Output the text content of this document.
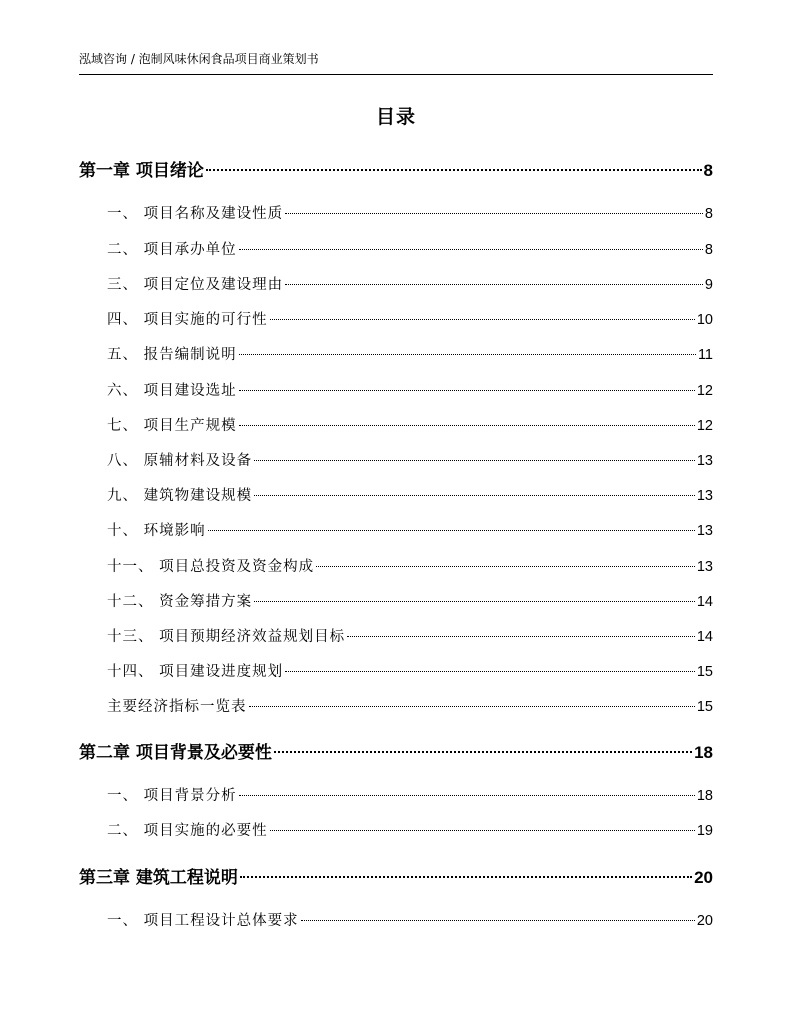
泓域咨询 / 泡制风味休闲食品项目商业策划书
目录
第一章 项目绪论	8
一、 项目名称及建设性质	8
二、 项目承办单位	8
三、 项目定位及建设理由	9
四、 项目实施的可行性	10
五、 报告编制说明	11
六、 项目建设选址	12
七、 项目生产规模	12
八、 原辅材料及设备	13
九、 建筑物建设规模	13
十、 环境影响	13
十一、 项目总投资及资金构成	13
十二、 资金筹措方案	14
十三、 项目预期经济效益规划目标	14
十四、 项目建设进度规划	15
主要经济指标一览表	15
第二章 项目背景及必要性	18
一、 项目背景分析	18
二、 项目实施的必要性	19
第三章 建筑工程说明	20
一、 项目工程设计总体要求	20
